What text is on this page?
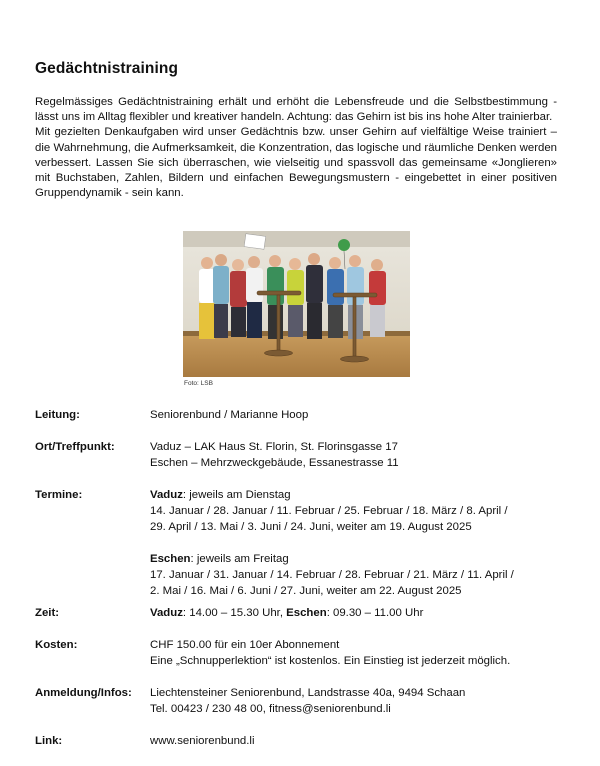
Gedächtnistraining

Regelmässiges Gedächtnistraining erhält und erhöht die Lebensfreude und die Selbstbestimmung - lässt uns im Alltag flexibler und kreativer handeln. Achtung: das Gehirn ist bis ins hohe Alter trainierbar.

Mit gezielten Denkaufgaben wird unser Gedächtnis bzw. unser Gehirn auf vielfältige Weise trainiert – die Wahrnehmung, die Aufmerksamkeit, die Konzentration, das logische und räumliche Denken werden verbessert. Lassen Sie sich überraschen, wie vielseitig und spassvoll das gemeinsame «Jonglieren» mit Buchstaben, Zahlen, Bildern und einfachen Bewegungsmustern - eingebettet in einer positiven Gruppendynamik - sein kann.

Foto: LSB
Leitung:	Seniorenbund / Marianne Hoop
Ort/Treffpunkt:	Vaduz – LAK Haus St. Florin, St. Florinsgasse 17
Eschen – Mehrzweckgebäude, Essanestrasse 11
Termine:	Vaduz: jeweils am Dienstag
14. Januar / 28. Januar / 11. Februar / 25. Februar / 18. März / 8. April /
29. April / 13. Mai / 3. Juni / 24. Juni, weiter am 19. August 2025
Eschen: jeweils am Freitag
17. Januar / 31. Januar / 14. Februar / 28. Februar / 21. März / 11. April /
2. Mai / 16. Mai / 6. Juni / 27. Juni, weiter am 22. August 2025
Zeit:	Vaduz: 14.00 – 15.30 Uhr, Eschen: 09.30 – 11.00 Uhr
Kosten:	CHF 150.00 für ein 10er Abonnement
Eine „Schnupperlektion“ ist kostenlos. Ein Einstieg ist jederzeit möglich.
Anmeldung/Infos: Liechtensteiner Seniorenbund, Landstrasse 40a, 9494 Schaan
Tel. 00423 / 230 48 00, fitness@seniorenbund.li
Link:	www.seniorenbund.li
